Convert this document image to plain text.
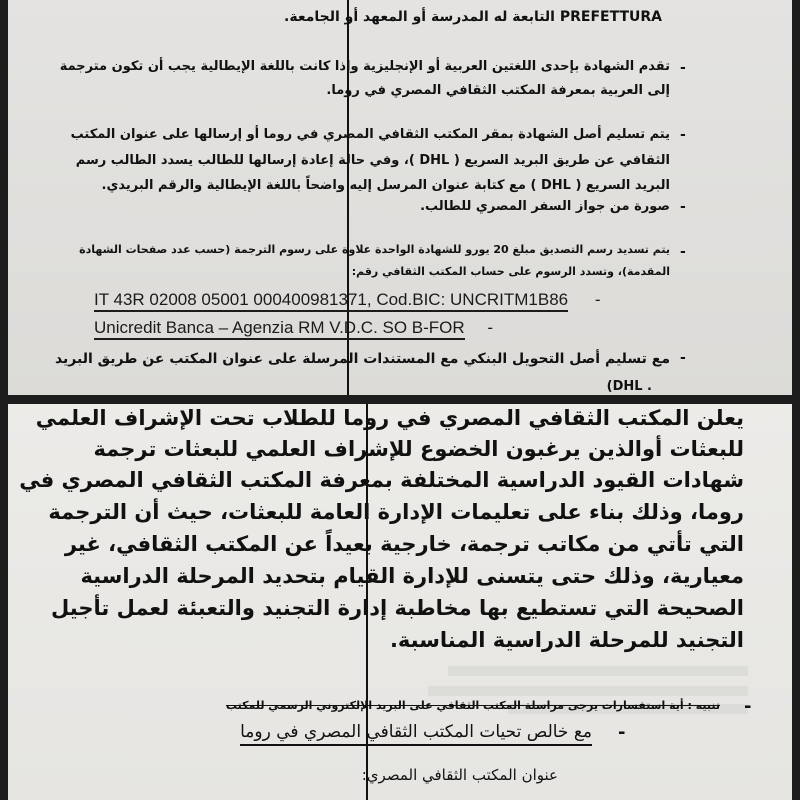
PREFETTURA التابعة له المدرسة أو المعهد أو الجامعة.
-
تقدم الشهادة بإحدى اللغتين العربية أو الإنجليزية وإذا كانت باللغة الإيطالية يجب أن تكون مترجمة
إلى العربية بمعرفة المكتب الثقافي المصري في روما.
-
يتم تسليم أصل الشهادة بمقر المكتب الثقافي المصري في روما أو إرسالها على عنوان المكتب
الثقافي عن طريق البريد السريع ( DHL )، وفي حالة إعادة إرسالها للطالب يسدد الطالب رسم
البريد السريع ( DHL ) مع كتابة عنوان المرسل إليه واضحاً باللغة الإيطالية والرقم البريدي.
-
صورة من جواز السفر المصري للطالب.
-
يتم تسديد رسم التصديق مبلغ 20 يورو للشهادة الواحدة علاوة على رسوم الترجمة (حسب عدد صفحات الشهادة
المقدمة)، وتسدد الرسوم على حساب المكتب الثقافي رقم:
IT 43R 02008 05001 000400981371, Cod.BIC: UNCRITM1B86 -
Unicredit Banca – Agenzia RM V.D.C. SO B-FOR -
-
مع تسليم أصل التحويل البنكي مع المستندات المرسلة على عنوان المكتب عن طريق البريد
(DHL .
يعلن المكتب الثقافي المصري في روما للطلاب تحت الإشراف العلمي
للبعثات أوالذين يرغبون الخضوع للإشراف العلمي للبعثات ترجمة
شهادات القيود الدراسية المختلفة بمعرفة المكتب الثقافي المصري في
روما، وذلك بناء على تعليمات الإدارة العامة للبعثات، حيث أن الترجمة
التي تأتي من مكاتب ترجمة، خارجية بعيداً عن المكتب الثقافي، غير
معيارية، وذلك حتى يتسنى للإدارة القيام بتحديد المرحلة الدراسية
الصحيحة التي تستطيع بها مخاطبة إدارة التجنيد والتعبئة لعمل تأجيل
التجنيد للمرحلة الدراسية المناسبة.
-
تنبيه : أية استفسارات يرجى مراسلة المكتب الثقافي على البريد الإلكتروني الرسمي للمكتب
-
مع خالص تحيات المكتب الثقافي المصري في روما
عنوان المكتب الثقافي المصري:
